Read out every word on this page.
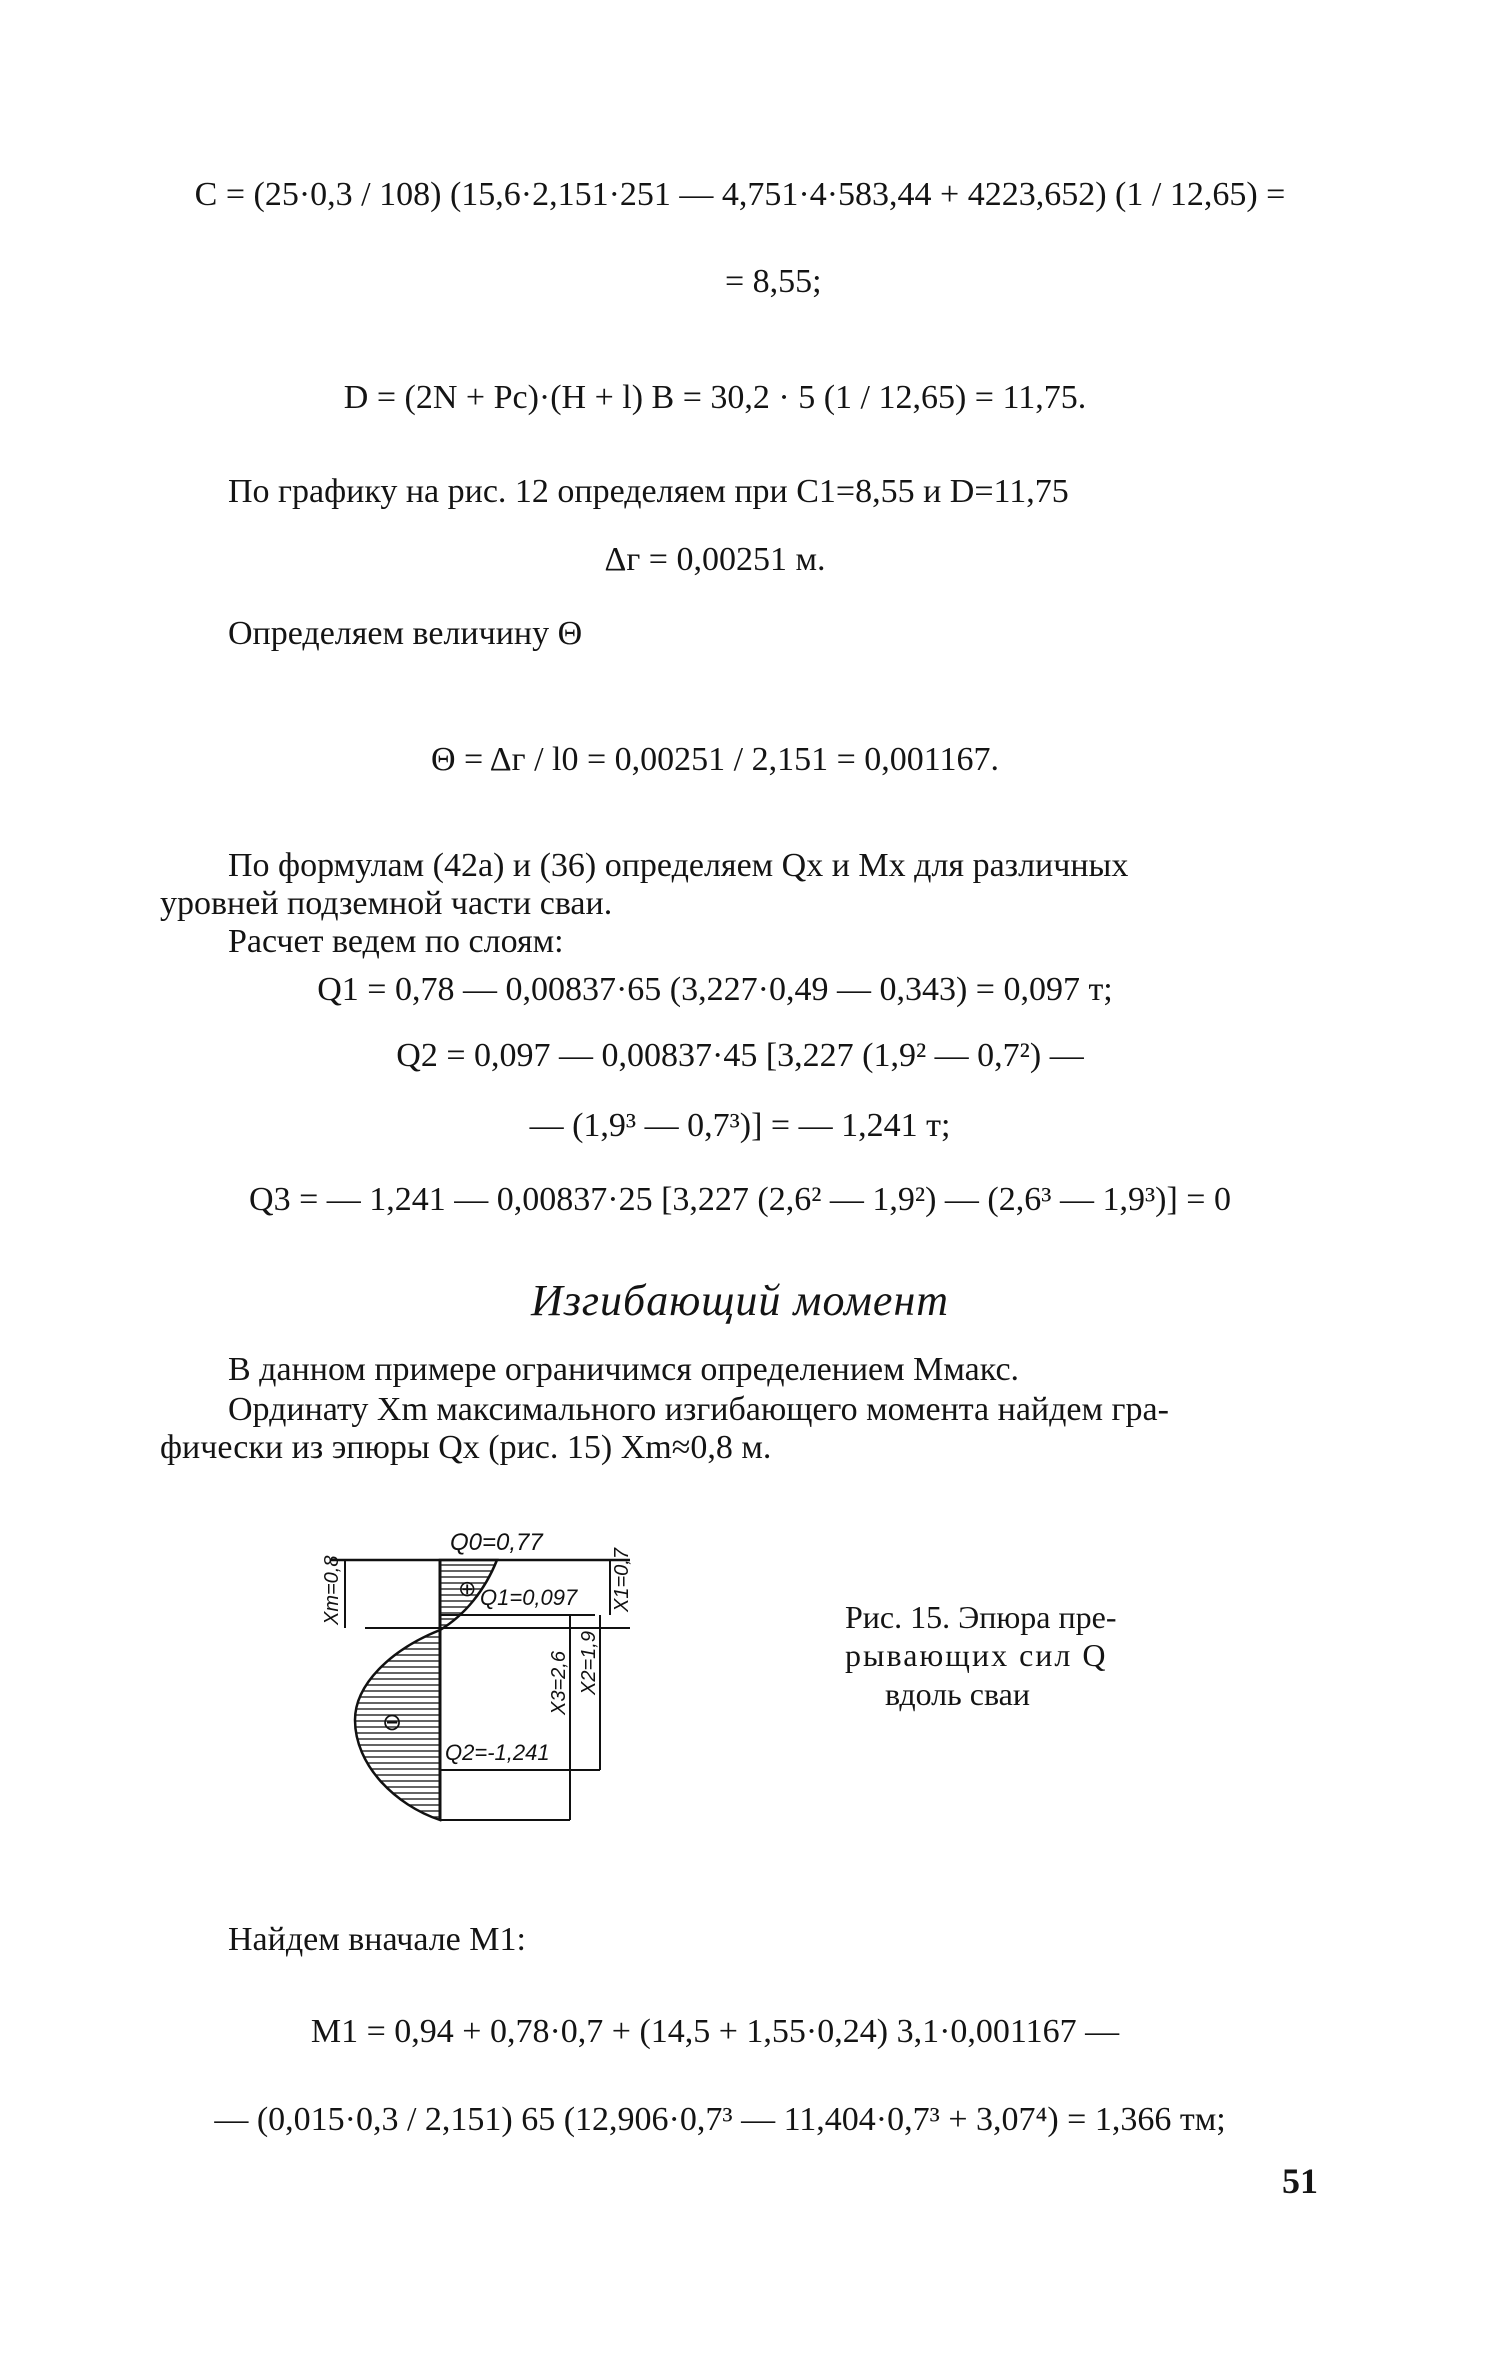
C = (25·0,3 / 108) (15,6·2,151·251 — 4,751·4·583,44 + 4223,652) (1 / 12,65) =
= 8,55;
D = (2N + Pc)·(H + l) B = 30,2 · 5 (1 / 12,65) = 11,75.
По графику на рис. 12 определяем при C1=8,55 и D=11,75
Δг = 0,00251 м.
Определяем величину Θ
Θ = Δг / l0 = 0,00251 / 2,151 = 0,001167.
По формулам (42а) и (36) определяем Qx и Mx для различных
уровней подземной части сваи.
Расчет ведем по слоям:
Q1 = 0,78 — 0,00837·65 (3,227·0,49 — 0,343) = 0,097 т;
Q2 = 0,097 — 0,00837·45 [3,227 (1,9² — 0,7²) —
— (1,9³ — 0,7³)] = — 1,241 т;
Q3 = — 1,241 — 0,00837·25 [3,227 (2,6² — 1,9²) — (2,6³ — 1,9³)] = 0
Изгибающий момент
В данном примере ограничимся определением Mмакс.
Ординату Xm максимального изгибающего момента найдем гра-
фически из эпюры Qx (рис. 15) Xm≈0,8 м.
Q0=0,77
Q1=0,097
Q2=-1,241
⊕
⊖
Xm=0,8	X1=0,7
X3=2,6 X2=1,9
Рис. 15. Эпюра пре-
рывающих сил Q
вдоль сваи
Найдем вначале M1:
M1 = 0,94 + 0,78·0,7 + (14,5 + 1,55·0,24) 3,1·0,001167 —
— (0,015·0,3 / 2,151) 65 (12,906·0,7³ — 11,404·0,7³ + 3,07⁴) = 1,366 тм;
51
